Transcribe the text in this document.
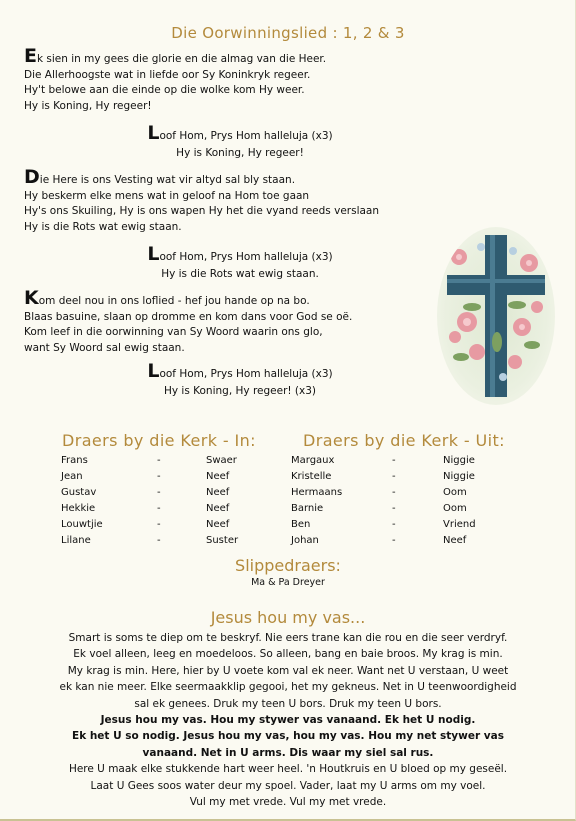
Die Oorwinningslied : 1, 2 & 3
Ek sien in my gees die glorie en die almag van die Heer.
Die Allerhoogste wat in liefde oor Sy Koninkryk regeer.
Hy't belowe aan die einde op die wolke kom Hy weer.
Hy is Koning, Hy regeer!
Loof Hom, Prys Hom halleluja (x3)
Hy is Koning, Hy regeer!
Die Here is ons Vesting wat vir altyd sal bly staan.
Hy beskerm elke mens wat in geloof na Hom toe gaan
Hy's ons Skuiling, Hy is ons wapen Hy het die vyand reeds verslaan
Hy is die Rots wat ewig staan.
Loof Hom, Prys Hom halleluja (x3)
Hy is die Rots wat ewig staan.
Kom deel nou in ons loflied - hef jou hande op na bo.
Blaas basuine, slaan op dromme en kom dans voor God se oë.
Kom leef in die oorwinning van Sy Woord waarin ons glo,
want Sy Woord sal ewig staan.
Loof Hom, Prys Hom halleluja (x3)
Hy is Koning, Hy regeer! (x3)
Draers by die Kerk - In:	Draers by die Kerk - Uit:
Frans	-	Swaer
Jean	-	Neef
Gustav	-	Neef
Hekkie	-	Neef
Louwtjie	-	Neef
Lilane	-	Suster
Margaux	-	Niggie
Kristelle	-	Niggie
Hermaans	-	Oom
Barnie	-	Oom
Ben	-	Vriend
Johan	-	Neef
Slippedraers:
Ma & Pa Dreyer
Jesus hou my vas...
Smart is soms te diep om te beskryf. Nie eers trane kan die rou en die seer verdryf.
Ek voel alleen, leeg en moedeloos. So alleen, bang en baie broos. My krag is min.
My krag is min. Here, hier by U voete kom val ek neer. Want net U verstaan, U weet
ek kan nie meer. Elke seermaakklip gegooi, het my gekneus. Net in U teenwoordigheid
sal ek genees. Druk my teen U bors. Druk my teen U bors.
Jesus hou my vas. Hou my stywer vas vanaand. Ek het U nodig.
Ek het U so nodig. Jesus hou my vas, hou my vas. Hou my net stywer vas
vanaand. Net in U arms. Dis waar my siel sal rus.
Here U maak elke stukkende hart weer heel. 'n Houtkruis en U bloed op my geseël.
Laat U Gees soos water deur my spoel. Vader, laat my U arms om my voel.
Vul my met vrede. Vul my met vrede.
